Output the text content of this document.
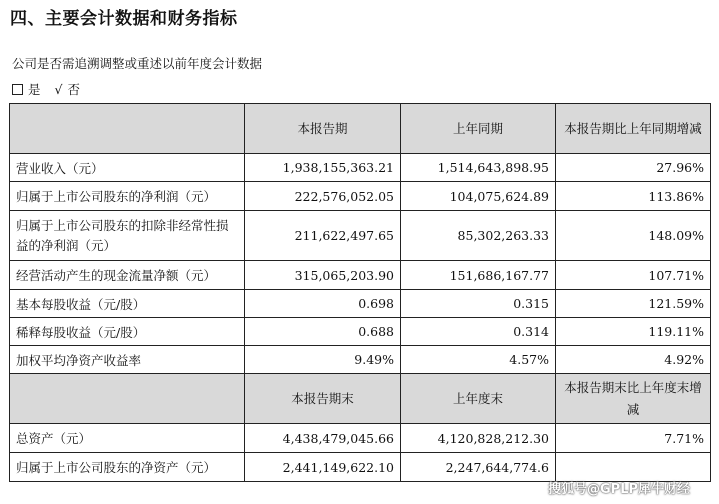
四、主要会计数据和财务指标
公司是否需追溯调整或重述以前年度会计数据
是 √ 否
	本报告期	上年同期	本报告期比上年同期增减
营业收入（元）	1,938,155,363.21	1,514,643,898.95	27.96%
归属于上市公司股东的净利润（元）	222,576,052.05	104,075,624.89	113.86%
归属于上市公司股东的扣除非经常性损益的净利润（元）	211,622,497.65	85,302,263.33	148.09%
经营活动产生的现金流量净额（元）	315,065,203.90	151,686,167.77	107.71%
基本每股收益（元/股）	0.698	0.315	121.59%
稀释每股收益（元/股）	0.688	0.314	119.11%
加权平均净资产收益率	9.49%	4.57%	4.92%
	本报告期末	上年度末	本报告期末比上年度末增减
总资产（元）	4,438,479,045.66	4,120,828,212.30	7.71%
归属于上市公司股东的净资产（元）	2,441,149,622.10	2,247,644,774.6	
搜狐号@GPLP犀牛财经
